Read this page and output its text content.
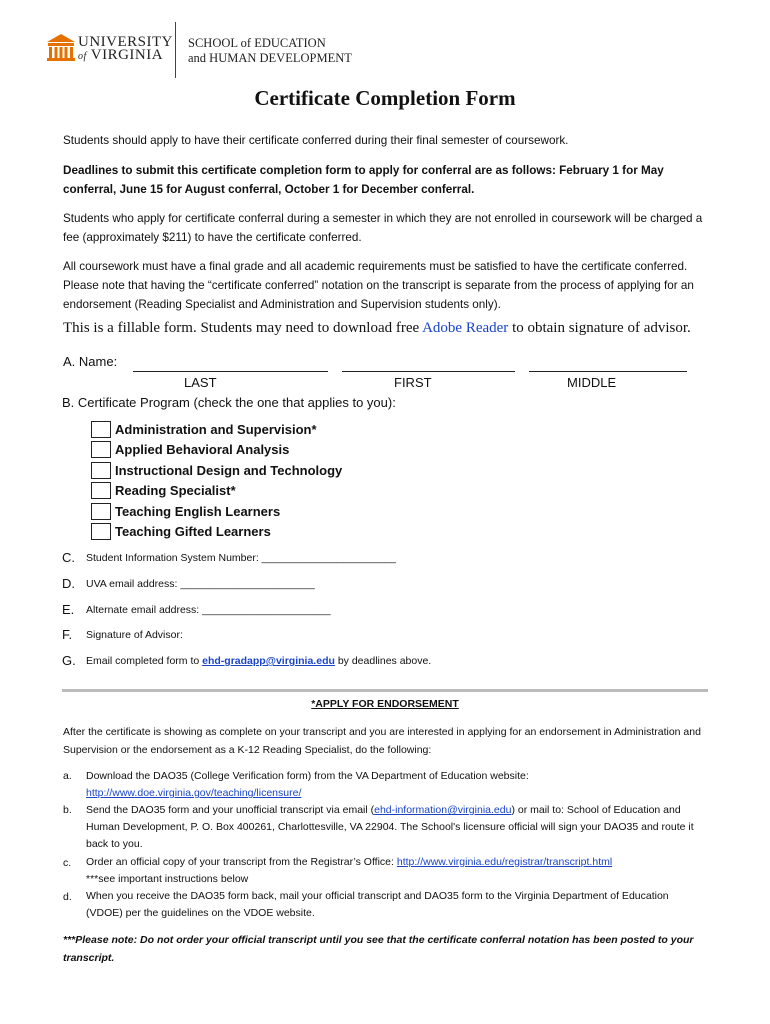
UNIVERSITY
of VIRGINIA
SCHOOL of EDUCATION
and HUMAN DEVELOPMENT
Certificate Completion Form
Students should apply to have their certificate conferred during their final semester of coursework.
Deadlines to submit this certificate completion form to apply for conferral are as follows: February 1 for May conferral, June 15 for August conferral, October 1 for December conferral.
Students who apply for certificate conferral during a semester in which they are not enrolled in coursework will be charged a fee (approximately $211) to have the certificate conferred.
All coursework must have a final grade and all academic requirements must be satisfied to have the certificate conferred. Please note that having the “certificate conferred” notation on the transcript is separate from the process of applying for an endorsement (Reading Specialist and Administration and Supervision students only).
This is a fillable form. Students may need to download free Adobe Reader to obtain signature of advisor.
A. Name:
LAST	FIRST	MIDDLE
B. Certificate Program (check the one that applies to you):
Administration and Supervision*
Applied Behavioral Analysis
Instructional Design and Technology
Reading Specialist*
Teaching English Learners
Teaching Gifted Learners
C. Student Information System Number: _______________________
D. UVA email address: _______________________
E. Alternate email address: ______________________
F. Signature of Advisor:
G. Email completed form to ehd-gradapp@virginia.edu by deadlines above.
*APPLY FOR ENDORSEMENT
After the certificate is showing as complete on your transcript and you are interested in applying for an endorsement in Administration and Supervision or the endorsement as a K-12 Reading Specialist, do the following:
a. Download the DAO35 (College Verification form) from the VA Department of Education website:
http://www.doe.virginia.gov/teaching/licensure/
b. Send the DAO35 form and your unofficial transcript via email (ehd-information@virginia.edu) or mail to: School of Education and Human Development, P. O. Box 400261, Charlottesville, VA 22904. The School's licensure official will sign your DAO35 and route it back to you.
c. Order an official copy of your transcript from the Registrar’s Office: http://www.virginia.edu/registrar/transcript.html
***see important instructions below
d. When you receive the DAO35 form back, mail your official transcript and DAO35 form to the Virginia Department of Education (VDOE) per the guidelines on the VDOE website.
***Please note: Do not order your official transcript until you see that the certificate conferral notation has been posted to your transcript.
